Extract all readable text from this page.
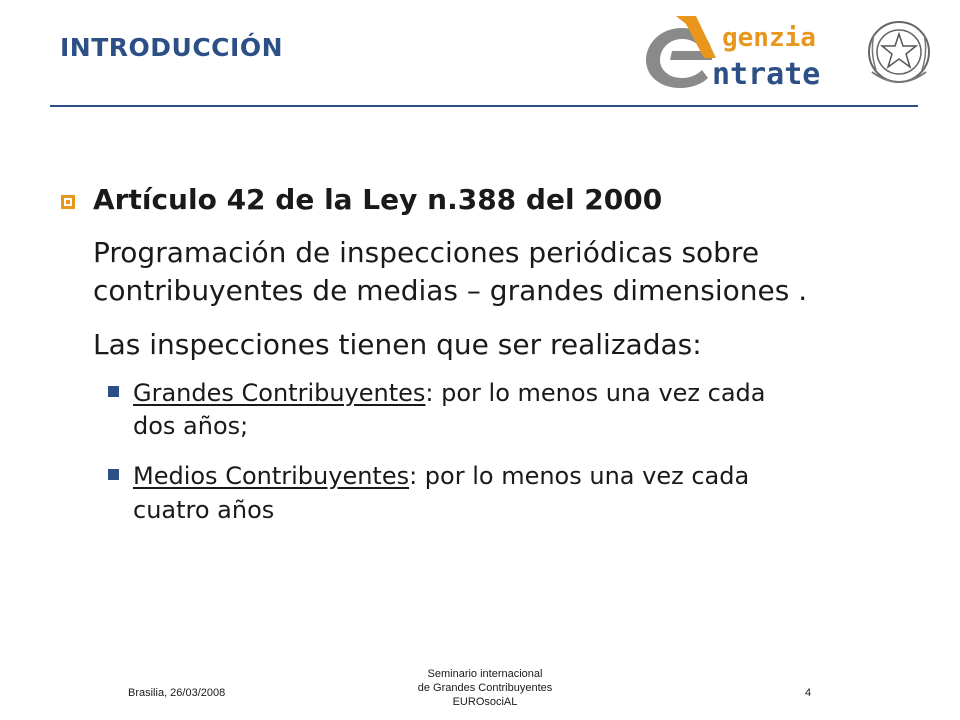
INTRODUCCIÓN	genzia
ntrate
Artículo 42 de la Ley n.388 del 2000
Programación de inspecciones periódicas sobre
contribuyentes de medias – grandes dimensiones .
Las inspecciones tienen que ser realizadas:
Grandes Contribuyentes: por lo menos una vez cada
dos años;
Medios Contribuyentes: por lo menos una vez cada
cuatro años
Brasilia, 26/03/2008
Seminario internacional
de Grandes Contribuyentes
EUROsociAL
4
